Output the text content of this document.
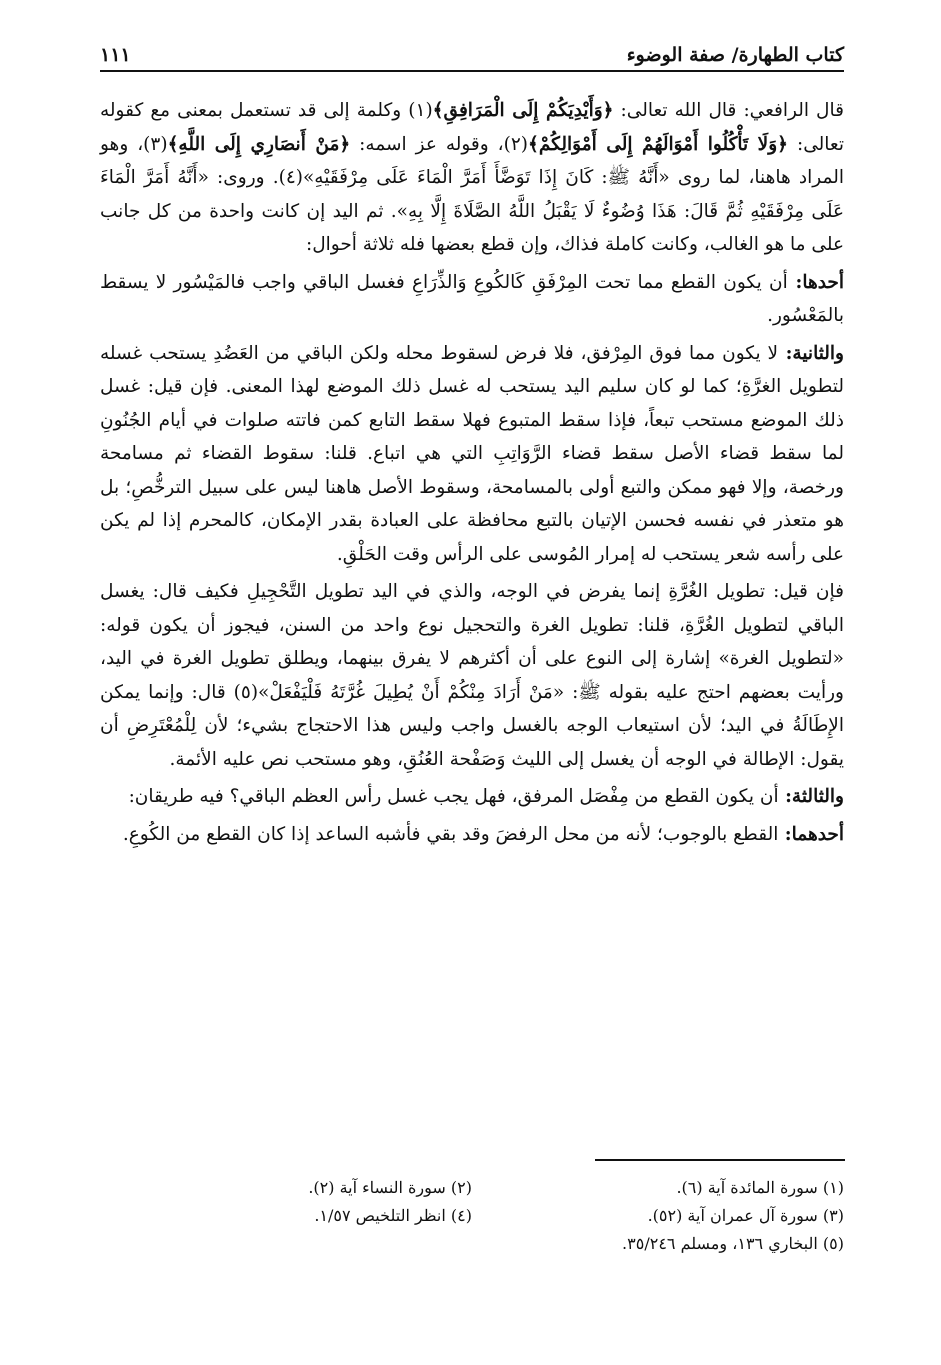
كتاب الطهارة/ صفة الوضوء
١١١

قال الرافعي: قال الله تعالى: ﴿وَأَيْدِيَكُمْ إِلَى الْمَرَافِقِ﴾(١) وكلمة إلى قد تستعمل بمعنى مع كقوله تعالى: ﴿وَلَا تَأْكُلُوا أَمْوَالَهُمْ إِلَى أَمْوَالِكُمْ﴾(٢)، وقوله عز اسمه: ﴿مَنْ أَنصَارِي إِلَى اللَّهِ﴾(٣)، وهو المراد هاهنا، لما روى «أَنَّهُ ﷺ: كَانَ إِذَا تَوَضَّأَ أَمَرَّ الْمَاءَ عَلَى مِرْفَقَيْهِ»(٤). وروى: «أَنَّهُ أَمَرَّ الْمَاءَ عَلَى مِرْفَقَيْهِ ثُمَّ قَالَ: هَذَا وُضُوءٌ لَا يَقْبَلُ اللَّهُ الصَّلَاةَ إِلَّا بِهِ». ثم اليد إن كانت واحدة من كل جانب على ما هو الغالب، وكانت كاملة فذاك، وإن قطع بعضها فله ثلاثة أحوال:

أحدها: أن يكون القطع مما تحت المِرْفَقِ كَالكُوعِ وَالذِّرَاعِ فغسل الباقي واجب فالمَيْسُور لا يسقط بالمَعْسُور.

والثانية: لا يكون مما فوق المِرْفق، فلا فرض لسقوط محله ولكن الباقي من العَضُدِ يستحب غسله لتطويل الغرَّةِ؛ كما لو كان سليم اليد يستحب له غسل ذلك الموضع لهذا المعنى. فإن قيل: غسل ذلك الموضع مستحب تبعاً، فإذا سقط المتبوع فهلا سقط التابع كمن فاتته صلوات في أيام الجُنُونِ لما سقط قضاء الأصل سقط قضاء الرَّوَاتِبِ التي هي اتباع. قلنا: سقوط القضاء ثم مسامحة ورخصة، وإلا فهو ممكن والتبع أولى بالمسامحة، وسقوط الأصل هاهنا ليس على سبيل الترخُّصِ؛ بل هو متعذر في نفسه فحسن الإتيان بالتبع محافظة على العبادة بقدر الإمكان، كالمحرم إذا لم يكن على رأسه شعر يستحب له إمرار المُوسى على الرأس وقت الحَلْقِ.

فإن قيل: تطويل الغُرَّةِ إنما يفرض في الوجه، والذي في اليد تطويل التَّحْجِيلِ فكيف قال: يغسل الباقي لتطويل الغُرَّةِ، قلنا: تطويل الغرة والتحجيل نوع واحد من السنن، فيجوز أن يكون قوله: «لتطويل الغرة» إشارة إلى النوع على أن أكثرهم لا يفرق بينهما، ويطلق تطويل الغرة في اليد، ورأيت بعضهم احتج عليه بقوله ﷺ: «مَنْ أَرَادَ مِنْكُمْ أَنْ يُطِيلَ غُرَّتَهُ فَلْيَفْعَلْ»(٥) قال: وإنما يمكن الإِطَالَةُ في اليد؛ لأن استيعاب الوجه بالغسل واجب وليس هذا الاحتجاج بشيء؛ لأن لِلْمُعْتَرِضِ أن يقول: الإطالة في الوجه أن يغسل إلى الليث وَصَفْحة العُنُقِ، وهو مستحب نص عليه الأئمة.

والثالثة: أن يكون القطع من مِفْصَل المرفق، فهل يجب غسل رأس العظم الباقي؟ فيه طريقان:

أحدهما: القطع بالوجوب؛ لأنه من محل الرفضَ وقد بقي فأشبه الساعد إذا كان القطع من الكُوعِ.

(١) سورة المائدة آية (٦).
(٢) سورة النساء آية (٢).
(٣) سورة آل عمران آية (٥٢).
(٤) انظر التلخيص ١/٥٧.
(٥) البخاري ١٣٦، ومسلم ٣٥/٢٤٦.
